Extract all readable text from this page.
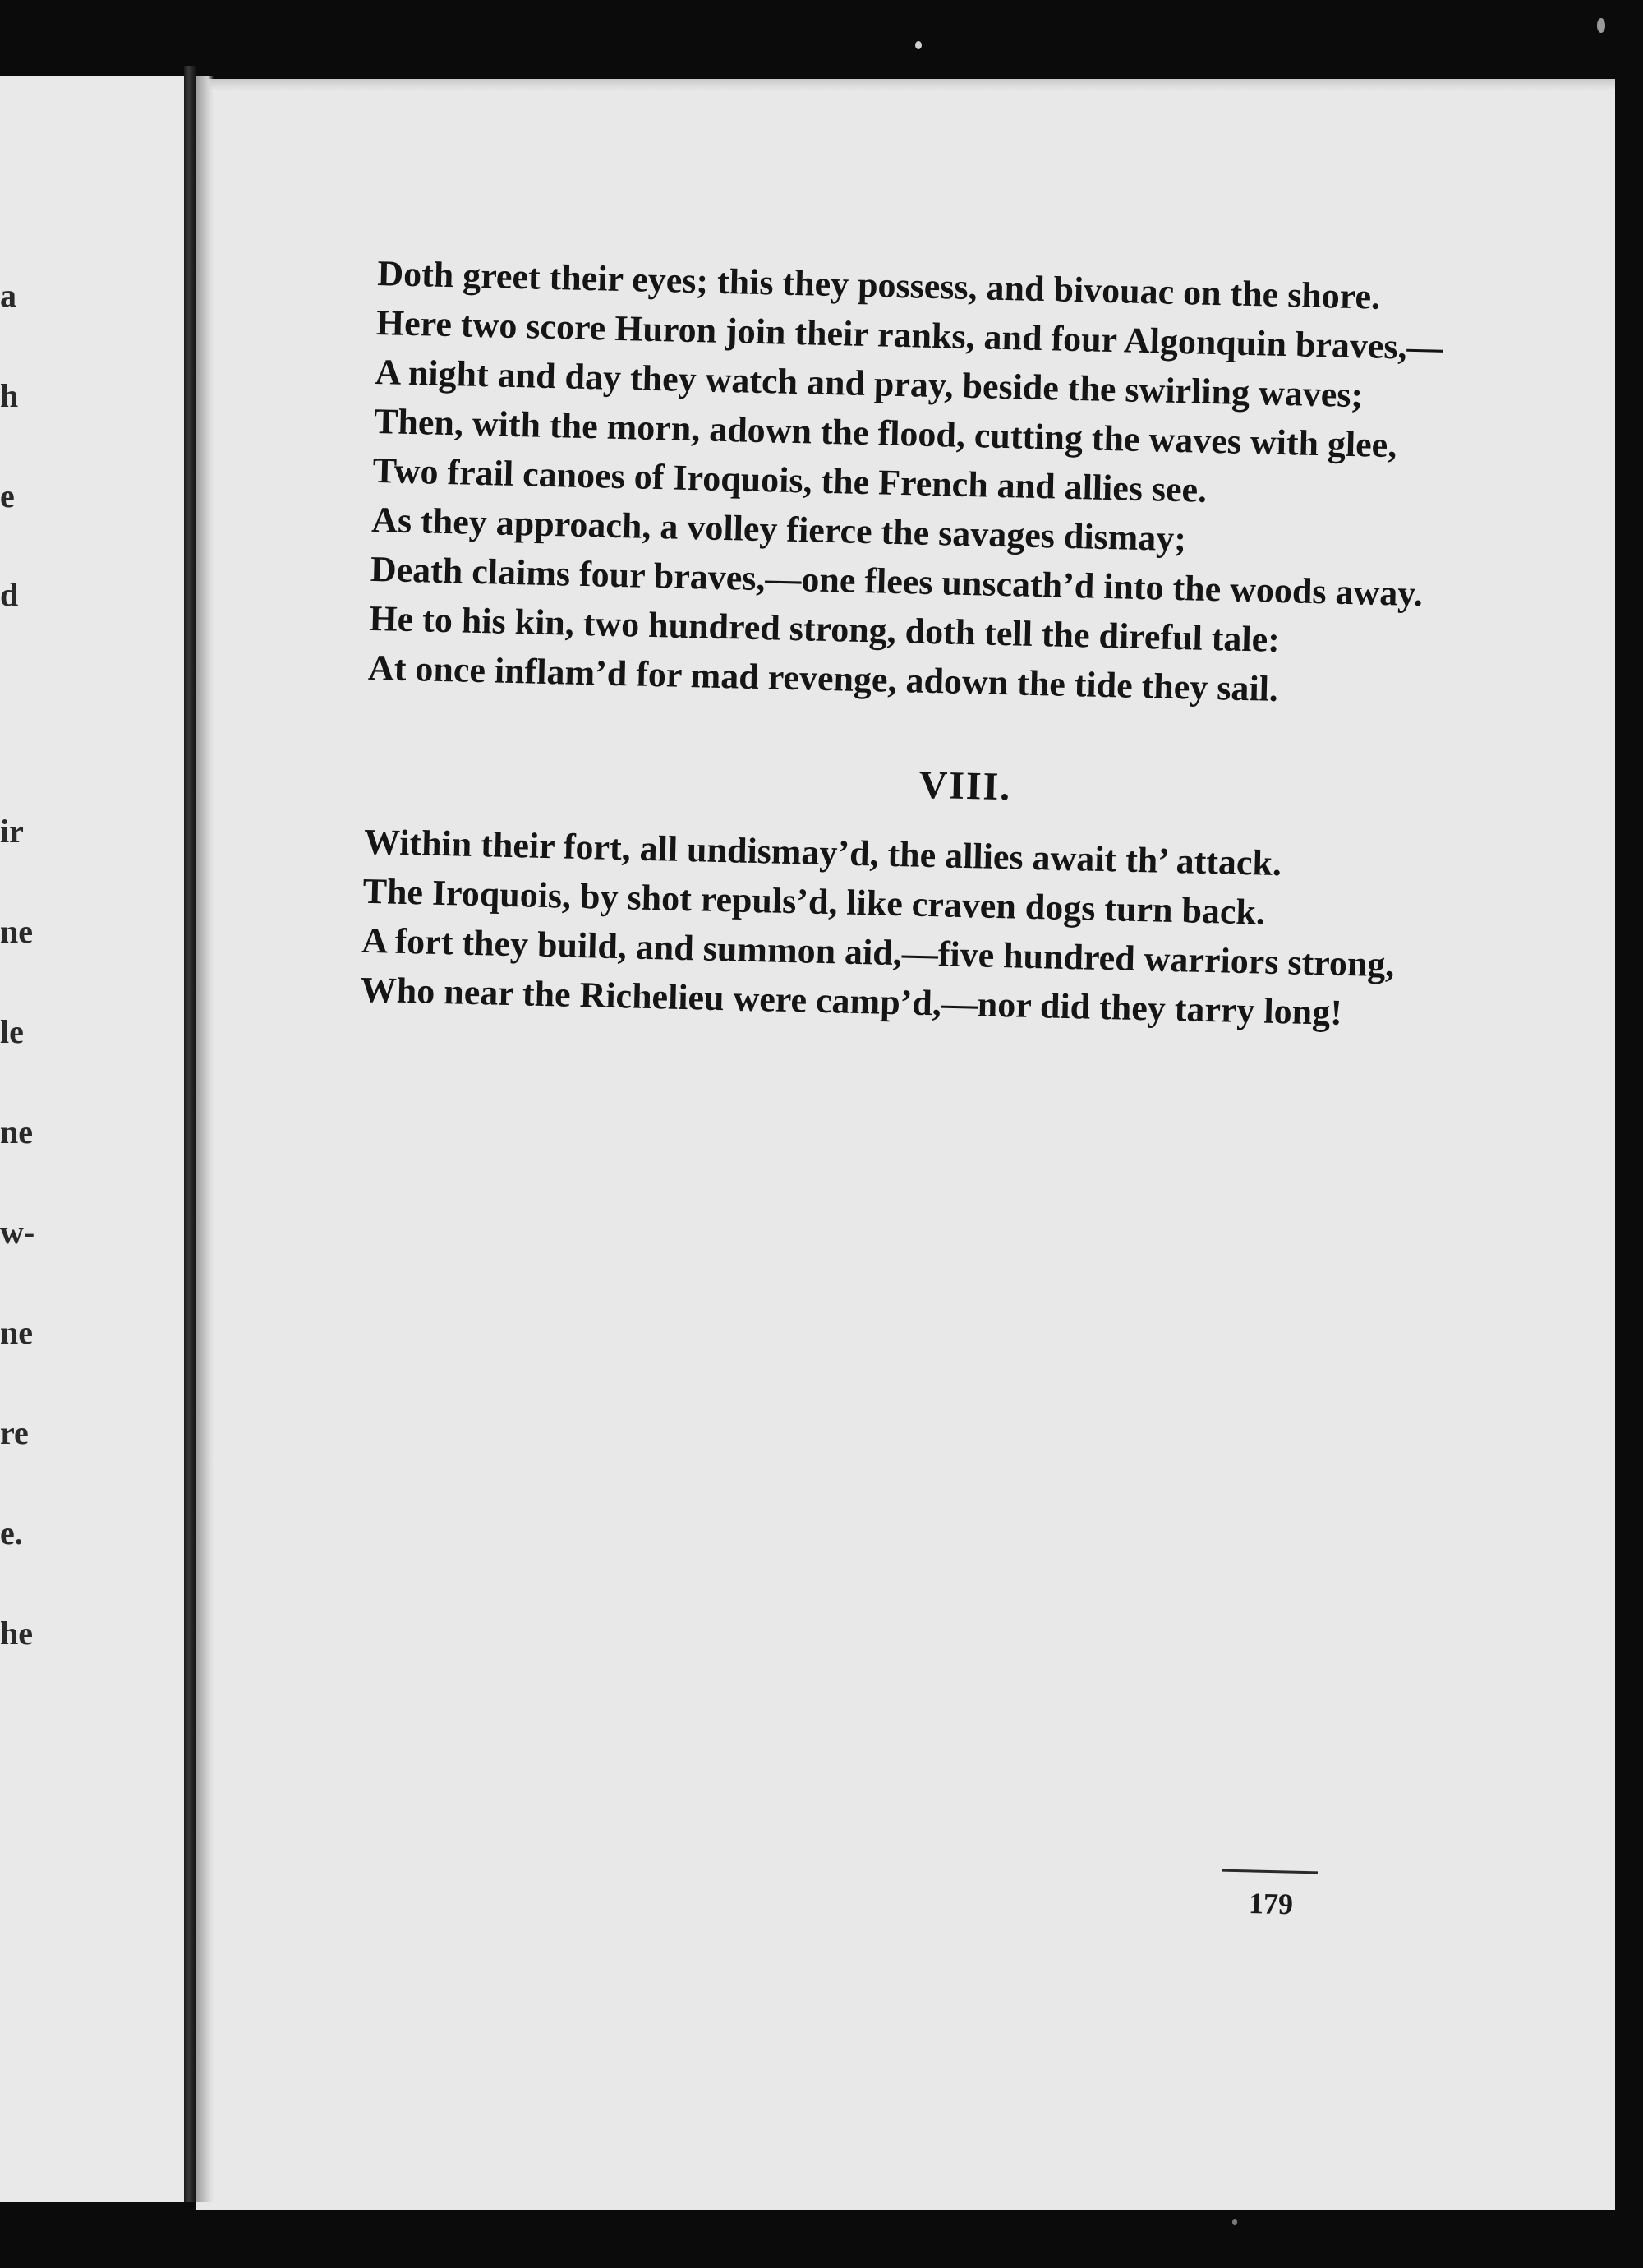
a
h
e
d
ir
ne
le
ne
w-
ne
re
e.
he

Doth greet their eyes; this they possess, and bivouac on the shore.

Here two score Huron join their ranks, and four Algonquin braves,—

A night and day they watch and pray, beside the swirling waves;

Then, with the morn, adown the flood, cutting the waves with glee,

Two frail canoes of Iroquois, the French and allies see.

As they approach, a volley fierce the savages dismay;

Death claims four braves,—one flees unscath’d into the woods away.

He to his kin, two hundred strong, doth tell the direful tale:

At once inflam’d for mad revenge, adown the tide they sail.

VIII.

Within their fort, all undismay’d, the allies await th’ attack.

The Iroquois, by shot repuls’d, like craven dogs turn back.

A fort they build, and summon aid,—five hundred warriors strong,

Who near the Richelieu were camp’d,—nor did they tarry long!

179
